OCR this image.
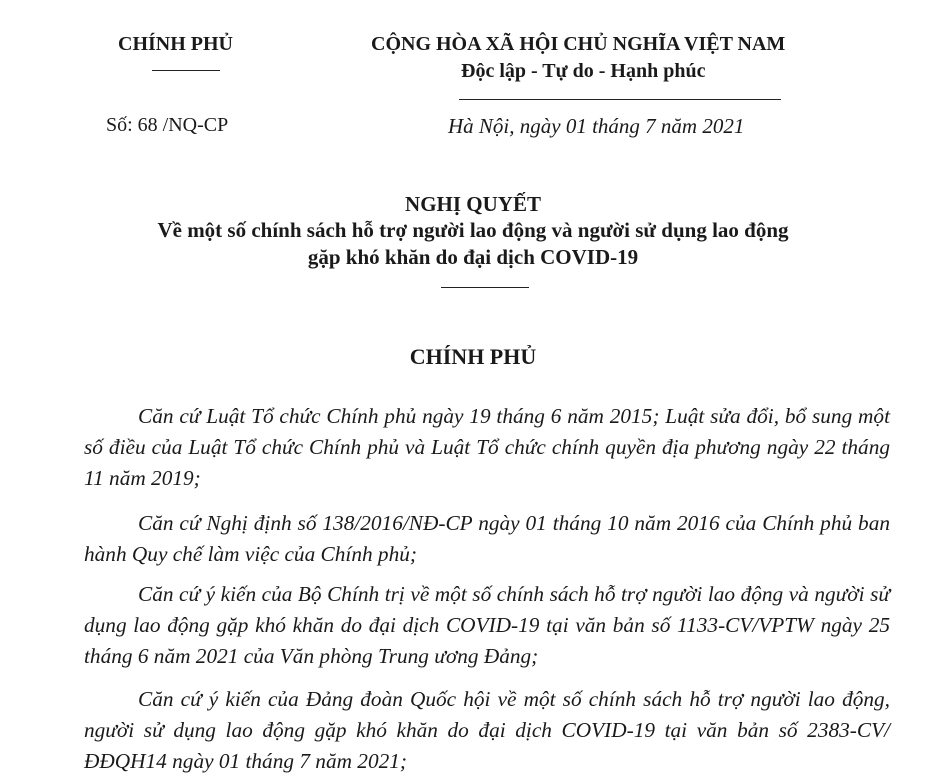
CHÍNH PHỦ	CỘNG HÒA XÃ HỘI CHỦ NGHĨA VIỆT NAM
Độc lập - Tự do - Hạnh phúc
Số: 68 /NQ-CP	Hà Nội, ngày 01 tháng 7 năm 2021
NGHỊ QUYẾT
Về một số chính sách hỗ trợ người lao động và người sử dụng lao động
gặp khó khăn do đại dịch COVID-19
CHÍNH PHỦ

Căn cứ Luật Tổ chức Chính phủ ngày 19 tháng 6 năm 2015; Luật sửa đổi, bổ sung một số điều của Luật Tổ chức Chính phủ và Luật Tổ chức chính quyền địa phương ngày 22 tháng 11 năm 2019;

Căn cứ Nghị định số 138/2016/NĐ-CP ngày 01 tháng 10 năm 2016 của Chính phủ ban hành Quy chế làm việc của Chính phủ;

Căn cứ ý kiến của Bộ Chính trị về một số chính sách hỗ trợ người lao động và người sử dụng lao động gặp khó khăn do đại dịch COVID-19 tại văn bản số 1133-CV/VPTW ngày 25 tháng 6 năm 2021 của Văn phòng Trung ương Đảng;

Căn cứ ý kiến của Đảng đoàn Quốc hội về một số chính sách hỗ trợ người lao động, người sử dụng lao động gặp khó khăn do đại dịch COVID-19 tại văn bản số 2383-CV/ĐĐQH14 ngày 01 tháng 7 năm 2021;
